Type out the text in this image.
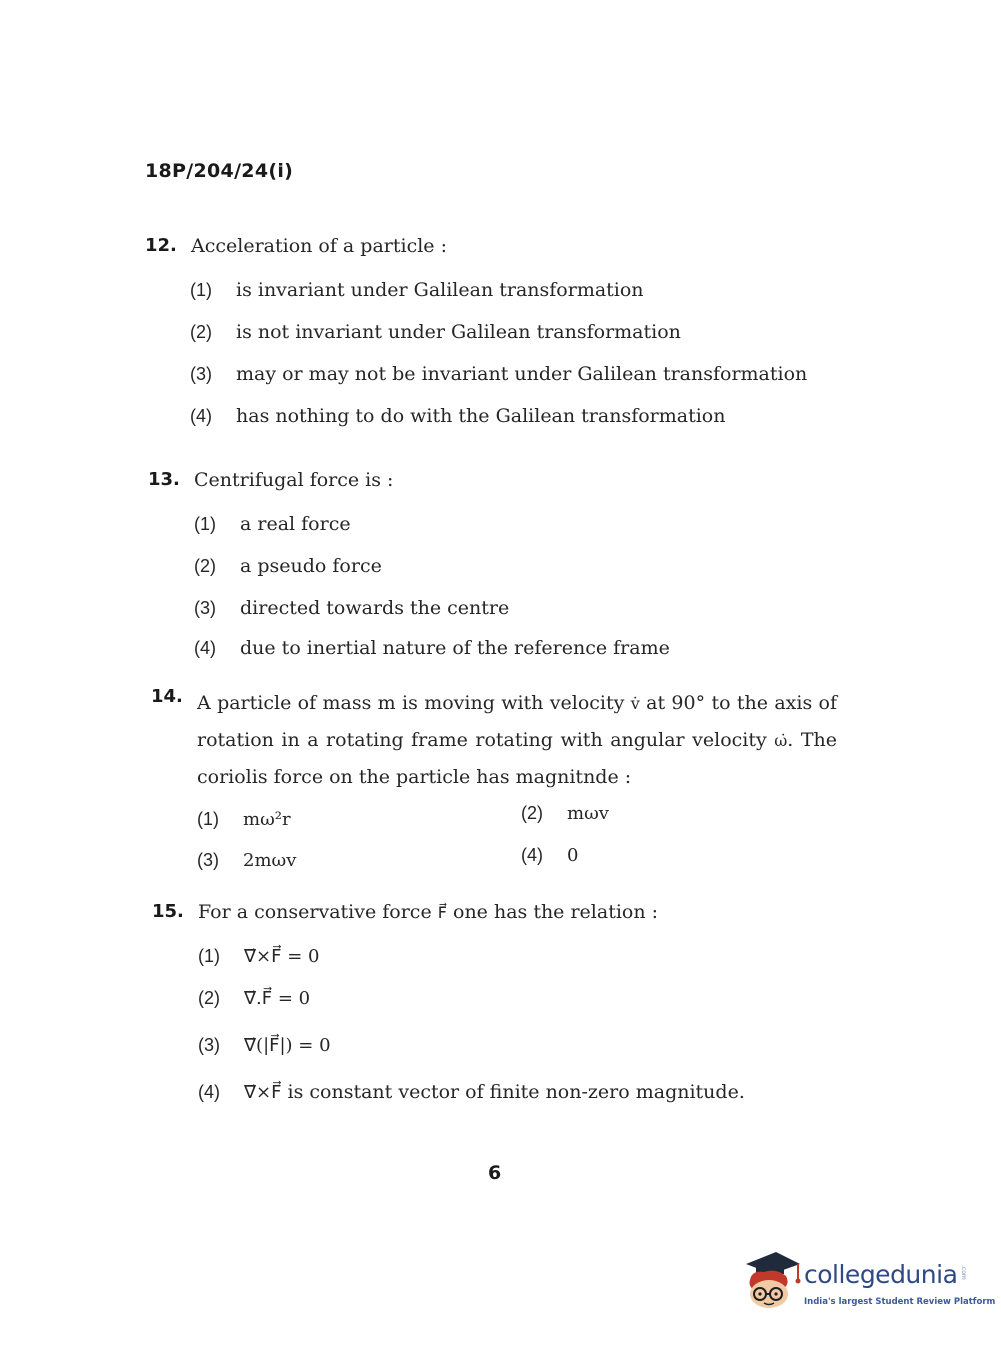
18P/204/24(i)
12. Acceleration of a particle :
(1) is invariant under Galilean transformation
(2) is not invariant under Galilean transformation
(3) may or may not be invariant under Galilean transformation
(4) has nothing to do with the Galilean transformation
13. Centrifugal force is :
(1) a real force
(2) a pseudo force
(3) directed towards the centre
(4) due to inertial nature of the reference frame
14. A particle of mass m is moving with velocity v̇ at 90° to the axis of rotation in a rotating frame rotating with angular velocity ω̇. The coriolis force on the particle has magnitnde :
(1) mω²r	(2) mωv
(3) 2mωv	(4) 0
15. For a conservative force F⃗ one has the relation :
(1) ∇⃗×F⃗ = 0
(2) ∇⃗.F⃗ = 0
(3) ∇⃗(|F⃗|) = 0
(4) ∇⃗×F⃗ is constant vector of finite non-zero magnitude.
6
collegedunia .com
India's largest Student Review Platform
